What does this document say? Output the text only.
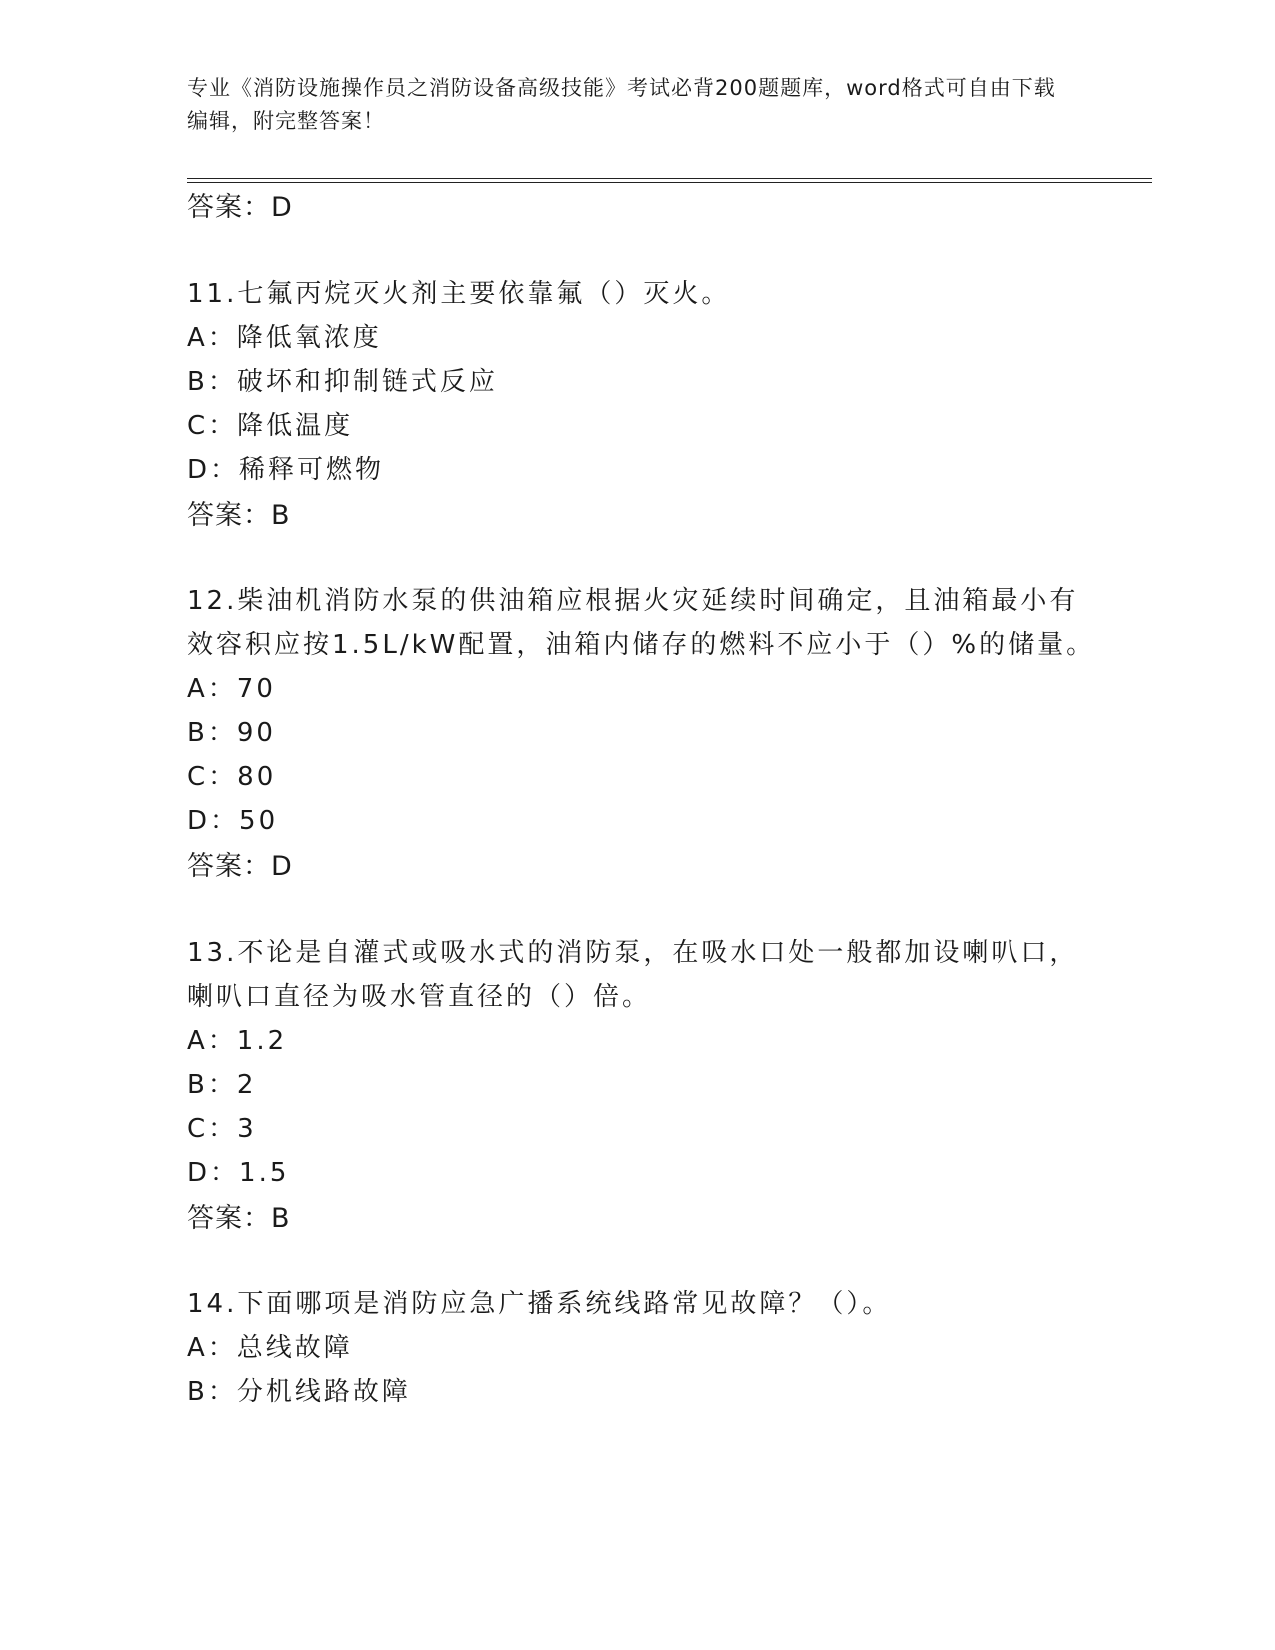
专业《消防设施操作员之消防设备高级技能》考试必背200题题库，word格式可自由下载编辑，附完整答案！
答案：D
11.七氟丙烷灭火剂主要依靠氟（）灭火。
A：降低氧浓度
B：破坏和抑制链式反应
C：降低温度
D：稀释可燃物
答案：B
12.柴油机消防水泵的供油箱应根据火灾延续时间确定，且油箱最小有
效容积应按1.5L/kW配置，油箱内储存的燃料不应小于（）%的储量。
A：70
B：90
C：80
D：50
答案：D
13.不论是自灌式或吸水式的消防泵，在吸水口处一般都加设喇叭口，
喇叭口直径为吸水管直径的（）倍。
A：1.2
B：2
C：3
D：1.5
答案：B
14.下面哪项是消防应急广播系统线路常见故障？（）。
A：总线故障
B：分机线路故障
